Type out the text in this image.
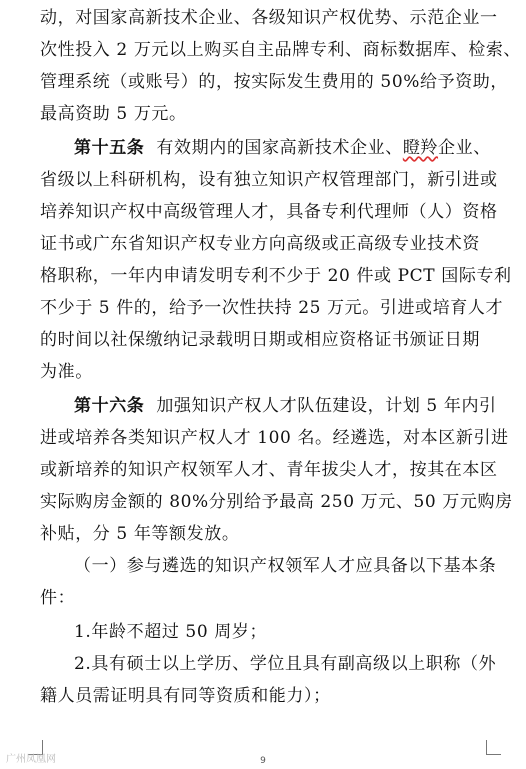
动，对国家高新技术企业、各级知识产权优势、示范企业一
次性投入 2 万元以上购买自主品牌专利、商标数据库、检索、
管理系统（或账号）的，按实际发生费用的 50%给予资助，
最高资助 5 万元。
第十五条 有效期内的国家高新技术企业、瞪羚企业、
省级以上科研机构，设有独立知识产权管理部门，新引进或
培养知识产权中高级管理人才，具备专利代理师（人）资格
证书或广东省知识产权专业方向高级或正高级专业技术资
格职称，一年内申请发明专利不少于 20 件或 PCT 国际专利
不少于 5 件的，给予一次性扶持 25 万元。引进或培育人才
的时间以社保缴纳记录载明日期或相应资格证书颁证日期
为准。
第十六条 加强知识产权人才队伍建设，计划 5 年内引
进或培养各类知识产权人才 100 名。经遴选，对本区新引进
或新培养的知识产权领军人才、青年拔尖人才，按其在本区
实际购房金额的 80%分别给予最高 250 万元、50 万元购房
补贴，分 5 年等额发放。
（一）参与遴选的知识产权领军人才应具备以下基本条
件：
1.年龄不超过 50 周岁；
2.具有硕士以上学历、学位且具有副高级以上职称（外
籍人员需证明具有同等资质和能力）；
9
广州凤凰网
